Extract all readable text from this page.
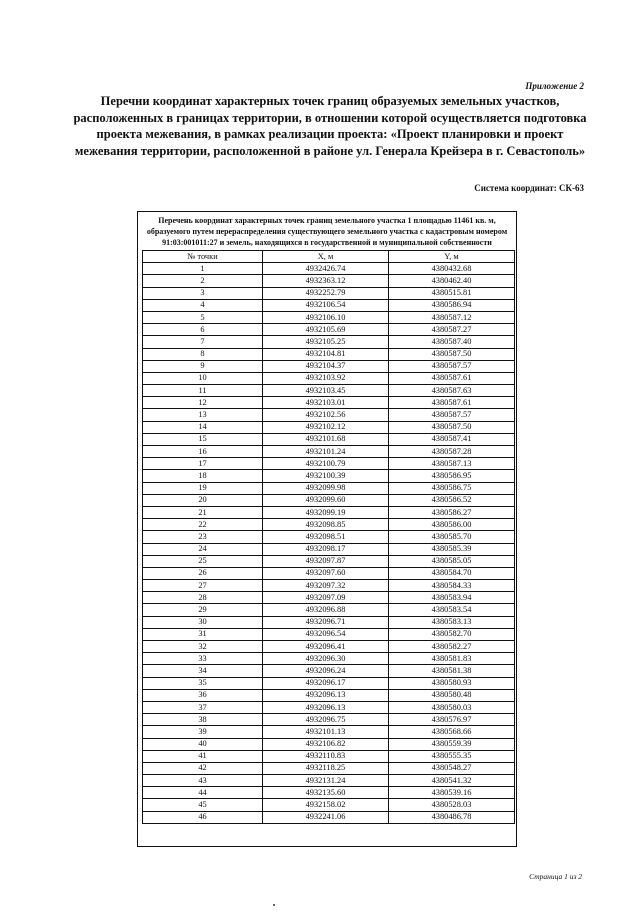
Приложение 2
Перечни координат характерных точек границ образуемых земельных участков, расположенных в границах территории, в отношении которой осуществляется подготовка проекта межевания, в рамках реализации проекта: «Проект планировки и проект межевания территории, расположенной в районе ул. Генерала Крейзера в г. Севастополь»
Система координат: СК-63
Перечень координат характерных точек границ земельного участка 1 площадью 11461 кв. м, образуемого путем перераспределения существующего земельного участка с кадастровым номером 91:03:001011:27 и земель, находящихся в государственной и муниципальной собственности
№ точки	X, м	Y, м
1	4932426.74	4380432.68
2	4932363.12	4380462.40
3	4932252.79	4380515.81
4	4932106.54	4380586.94
5	4932106.10	4380587.12
6	4932105.69	4380587.27
7	4932105.25	4380587.40
8	4932104.81	4380587.50
9	4932104.37	4380587.57
10	4932103.92	4380587.61
11	4932103.45	4380587.63
12	4932103.01	4380587.61
13	4932102.56	4380587.57
14	4932102.12	4380587.50
15	4932101.68	4380587.41
16	4932101.24	4380587.28
17	4932100.79	4380587.13
18	4932100.39	4380586.95
19	4932099.98	4380586.75
20	4932099.60	4380586.52
21	4932099.19	4380586.27
22	4932098.85	4380586.00
23	4932098.51	4380585.70
24	4932098.17	4380585.39
25	4932097.87	4380585.05
26	4932097.60	4380584.70
27	4932097.32	4380584.33
28	4932097.09	4380583.94
29	4932096.88	4380583.54
30	4932096.71	4380583.13
31	4932096.54	4380582.70
32	4932096.41	4380582.27
33	4932096.30	4380581.83
34	4932096.24	4380581.38
35	4932096.17	4380580.93
36	4932096.13	4380580.48
37	4932096.13	4380580.03
38	4932096.75	4380576.97
39	4932101.13	4380568.66
40	4932106.82	4380559.39
41	4932110.83	4380555.35
42	4932118.25	4380548.27
43	4932131.24	4380541.32
44	4932135.60	4380539.16
45	4932158.02	4380528.03
46	4932241.06	4380486.78
Страница 1 из 2
